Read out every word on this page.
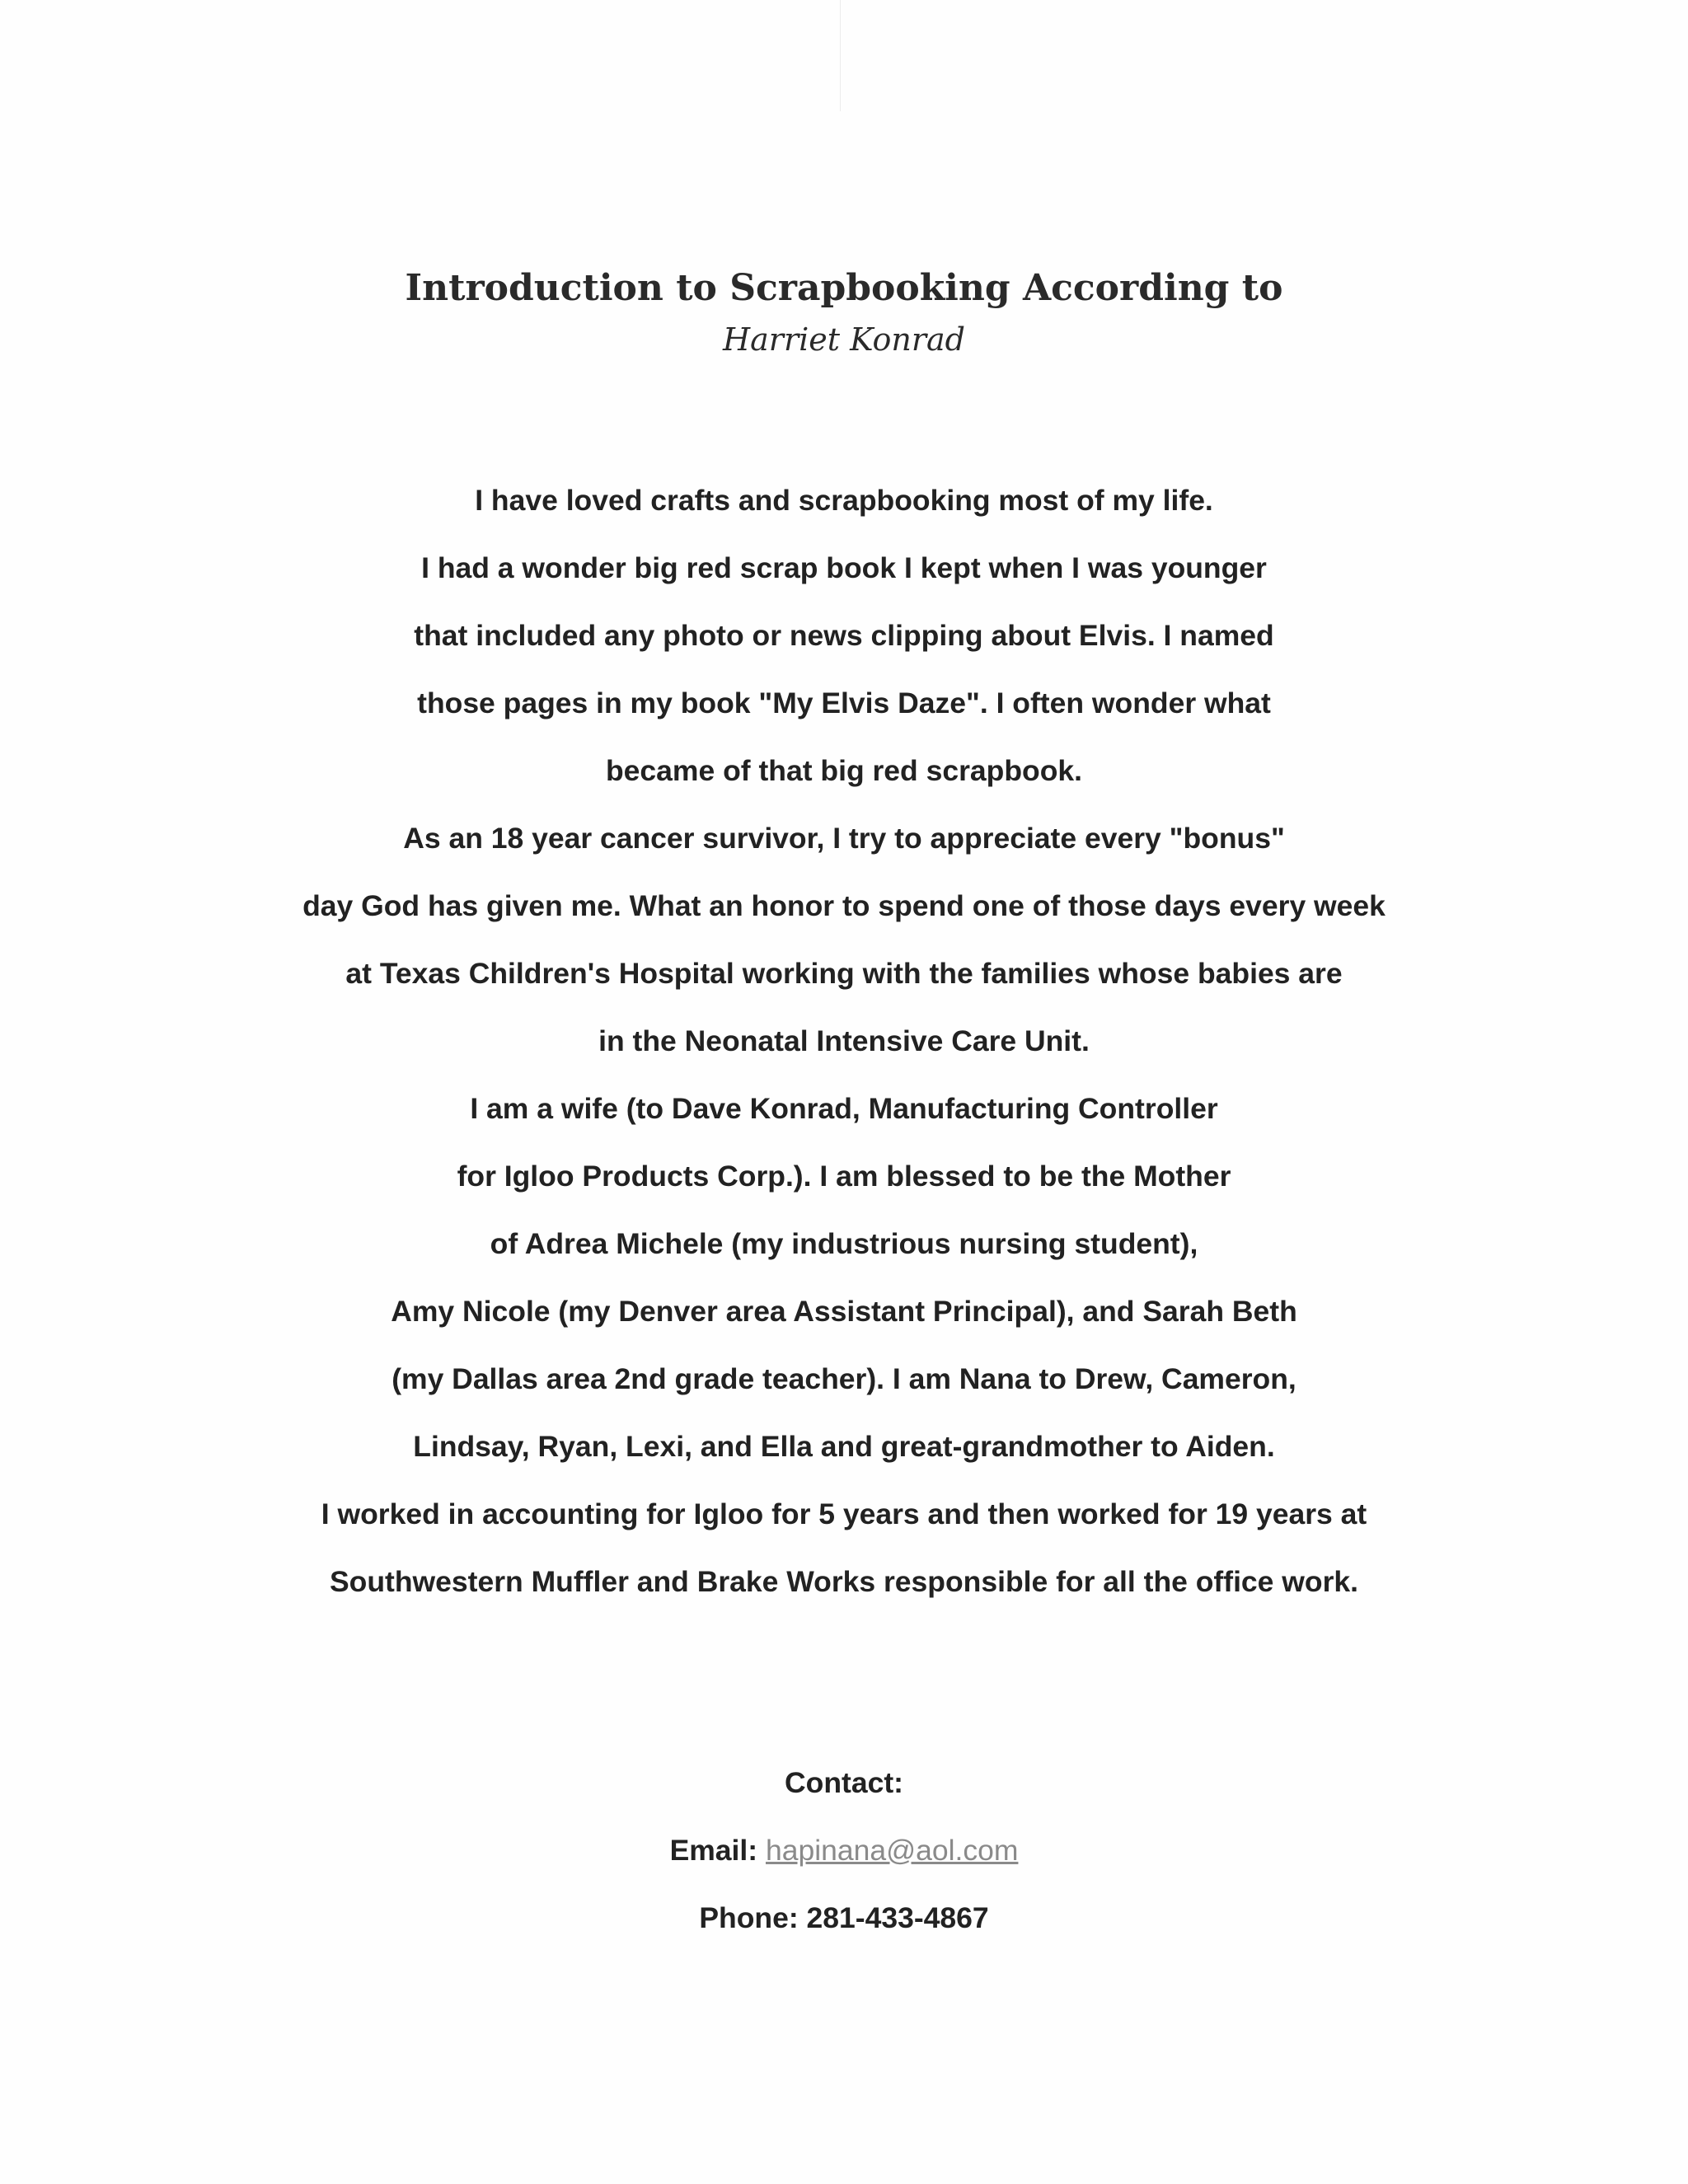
Introduction to Scrapbooking According to
Harriet Konrad
I have loved crafts and scrapbooking most of my life.
I had a wonder big red scrap book I kept when I was younger
that included any photo or news clipping about Elvis. I named
those pages in my book "My Elvis Daze". I often wonder what
became of that big red scrapbook.
As an 18 year cancer survivor, I try to appreciate every "bonus"
day God has given me. What an honor to spend one of those days every week
at Texas Children's Hospital working with the families whose babies are
in the Neonatal Intensive Care Unit.
I am a wife (to Dave Konrad, Manufacturing Controller
for Igloo Products Corp.). I am blessed to be the Mother
of Adrea Michele (my industrious nursing student),
Amy Nicole (my Denver area Assistant Principal), and Sarah Beth
(my Dallas area 2nd grade teacher). I am Nana to Drew, Cameron,
Lindsay, Ryan, Lexi, and Ella and great-grandmother to Aiden.
I worked in accounting for Igloo for 5 years and then worked for 19 years at
Southwestern Muffler and Brake Works responsible for all the office work.
Contact:
Email: hapinana@aol.com
Phone: 281-433-4867
